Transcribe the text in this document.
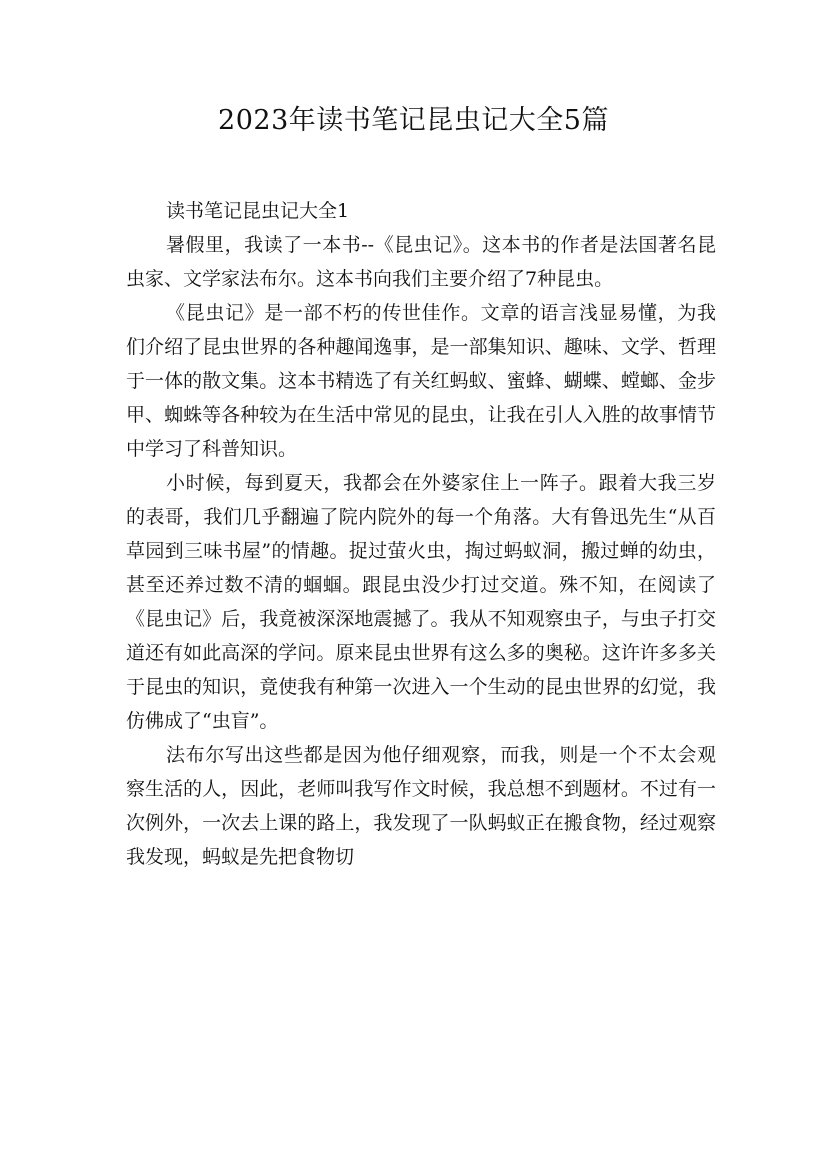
2023年读书笔记昆虫记大全5篇

读书笔记昆虫记大全1

暑假里，我读了一本书--《昆虫记》。这本书的作者是法国著名昆虫家、文学家法布尔。这本书向我们主要介绍了7种昆虫。

《昆虫记》是一部不朽的传世佳作。文章的语言浅显易懂，为我们介绍了昆虫世界的各种趣闻逸事，是一部集知识、趣味、文学、哲理于一体的散文集。这本书精选了有关红蚂蚁、蜜蜂、蝴蝶、螳螂、金步甲、蜘蛛等各种较为在生活中常见的昆虫，让我在引人入胜的故事情节中学习了科普知识。

小时候，每到夏天，我都会在外婆家住上一阵子。跟着大我三岁的表哥，我们几乎翻遍了院内院外的每一个角落。大有鲁迅先生“从百草园到三味书屋”的情趣。捉过萤火虫，掏过蚂蚁洞，搬过蝉的幼虫，甚至还养过数不清的蝈蝈。跟昆虫没少打过交道。殊不知，在阅读了《昆虫记》后，我竟被深深地震撼了。我从不知观察虫子，与虫子打交道还有如此高深的学问。原来昆虫世界有这么多的奥秘。这许许多多关于昆虫的知识，竟使我有种第一次进入一个生动的昆虫世界的幻觉，我仿佛成了“虫盲”。

法布尔写出这些都是因为他仔细观察，而我，则是一个不太会观察生活的人，因此，老师叫我写作文时候，我总想不到题材。不过有一次例外，一次去上课的路上，我发现了一队蚂蚁正在搬食物，经过观察我发现，蚂蚁是先把食物切
